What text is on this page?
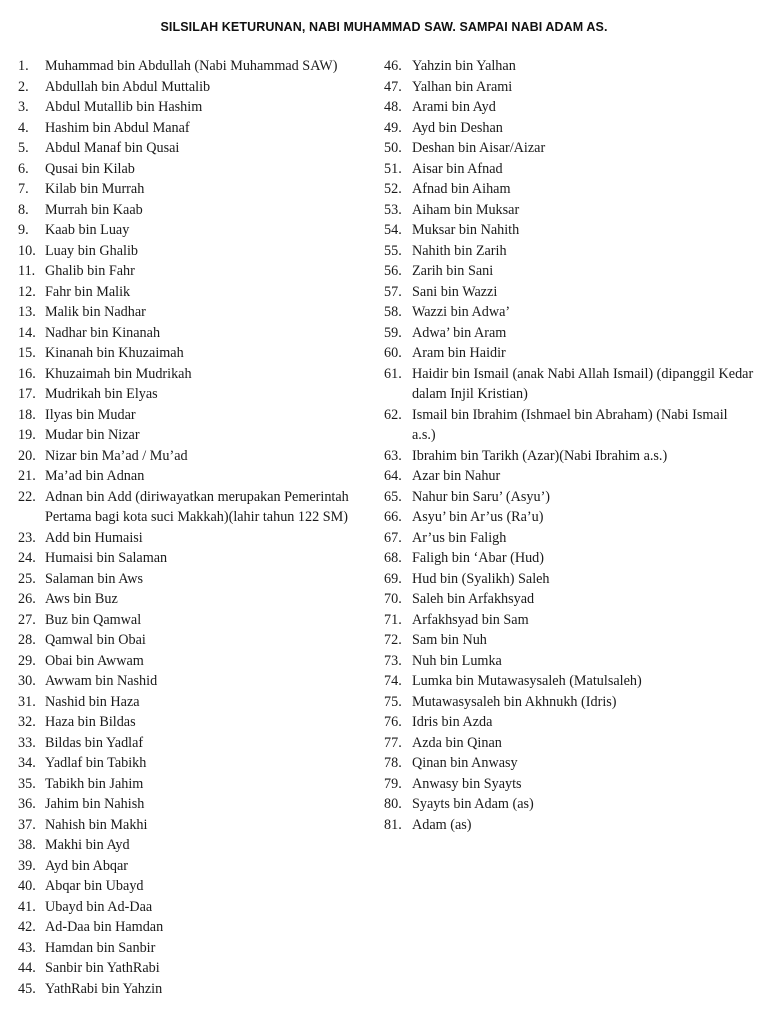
SILSILAH KETURUNAN, NABI MUHAMMAD SAW. SAMPAI NABI ADAM AS.
1.	Muhammad bin Abdullah (Nabi Muhammad SAW)
2.	Abdullah bin Abdul Muttalib
3.	Abdul Mutallib bin Hashim
4.	Hashim bin Abdul Manaf
5.	Abdul Manaf bin Qusai
6.	Qusai bin Kilab
7.	Kilab bin Murrah
8.	Murrah bin Kaab
9.	Kaab bin Luay
10. Luay bin Ghalib
11. Ghalib bin Fahr
12. Fahr bin Malik
13. Malik bin Nadhar
14. Nadhar bin Kinanah
15. Kinanah bin Khuzaimah
16. Khuzaimah bin Mudrikah
17. Mudrikah bin Elyas
18. Ilyas bin Mudar
19. Mudar bin Nizar
20. Nizar bin Ma’ad / Mu’ad
21. Ma’ad bin Adnan
22. Adnan bin Add (diriwayatkan merupakan Pemerintah Pertama bagi kota suci Makkah)(lahir tahun 122 SM)
23. Add bin Humaisi
24. Humaisi bin Salaman
25. Salaman bin Aws
26. Aws bin Buz
27. Buz bin Qamwal
28. Qamwal bin Obai
29. Obai bin Awwam
30. Awwam bin Nashid
31. Nashid bin Haza
32. Haza bin Bildas
33. Bildas bin Yadlaf
34. Yadlaf bin Tabikh
35. Tabikh bin Jahim
36. Jahim bin Nahish
37. Nahish bin Makhi
38. Makhi bin Ayd
39. Ayd bin Abqar
40. Abqar bin Ubayd
41. Ubayd bin Ad-Daa
42. Ad-Daa bin Hamdan
43. Hamdan bin Sanbir
44. Sanbir bin YathRabi
45. YathRabi bin Yahzin
46. Yahzin bin Yalhan
47. Yalhan bin Arami
48. Arami bin Ayd
49. Ayd bin Deshan
50. Deshan bin Aisar/Aizar
51. Aisar bin Afnad
52. Afnad bin Aiham
53. Aiham bin Muksar
54. Muksar bin Nahith
55. Nahith bin Zarih
56. Zarih bin Sani
57. Sani bin Wazzi
58. Wazzi bin Adwa’
59. Adwa’ bin Aram
60. Aram bin Haidir
61. Haidir bin Ismail (anak Nabi Allah Ismail) (dipanggil Kedar dalam Injil Kristian)
62. Ismail bin Ibrahim (Ishmael bin Abraham) (Nabi Ismail a.s.)
63. Ibrahim bin Tarikh (Azar)(Nabi Ibrahim a.s.)
64. Azar bin Nahur
65. Nahur bin Saru’ (Asyu’)
66. Asyu’ bin Ar’us (Ra’u)
67. Ar’us bin Faligh
68. Faligh bin ‘Abar (Hud)
69. Hud bin (Syalikh) Saleh
70. Saleh bin Arfakhsyad
71. Arfakhsyad bin Sam
72. Sam bin Nuh
73. Nuh bin Lumka
74. Lumka bin Mutawasysaleh (Matulsaleh)
75. Mutawasysaleh bin Akhnukh (Idris)
76. Idris bin Azda
77. Azda bin Qinan
78. Qinan bin Anwasy
79. Anwasy bin Syayts
80. Syayts bin Adam (as)
81. Adam (as)
